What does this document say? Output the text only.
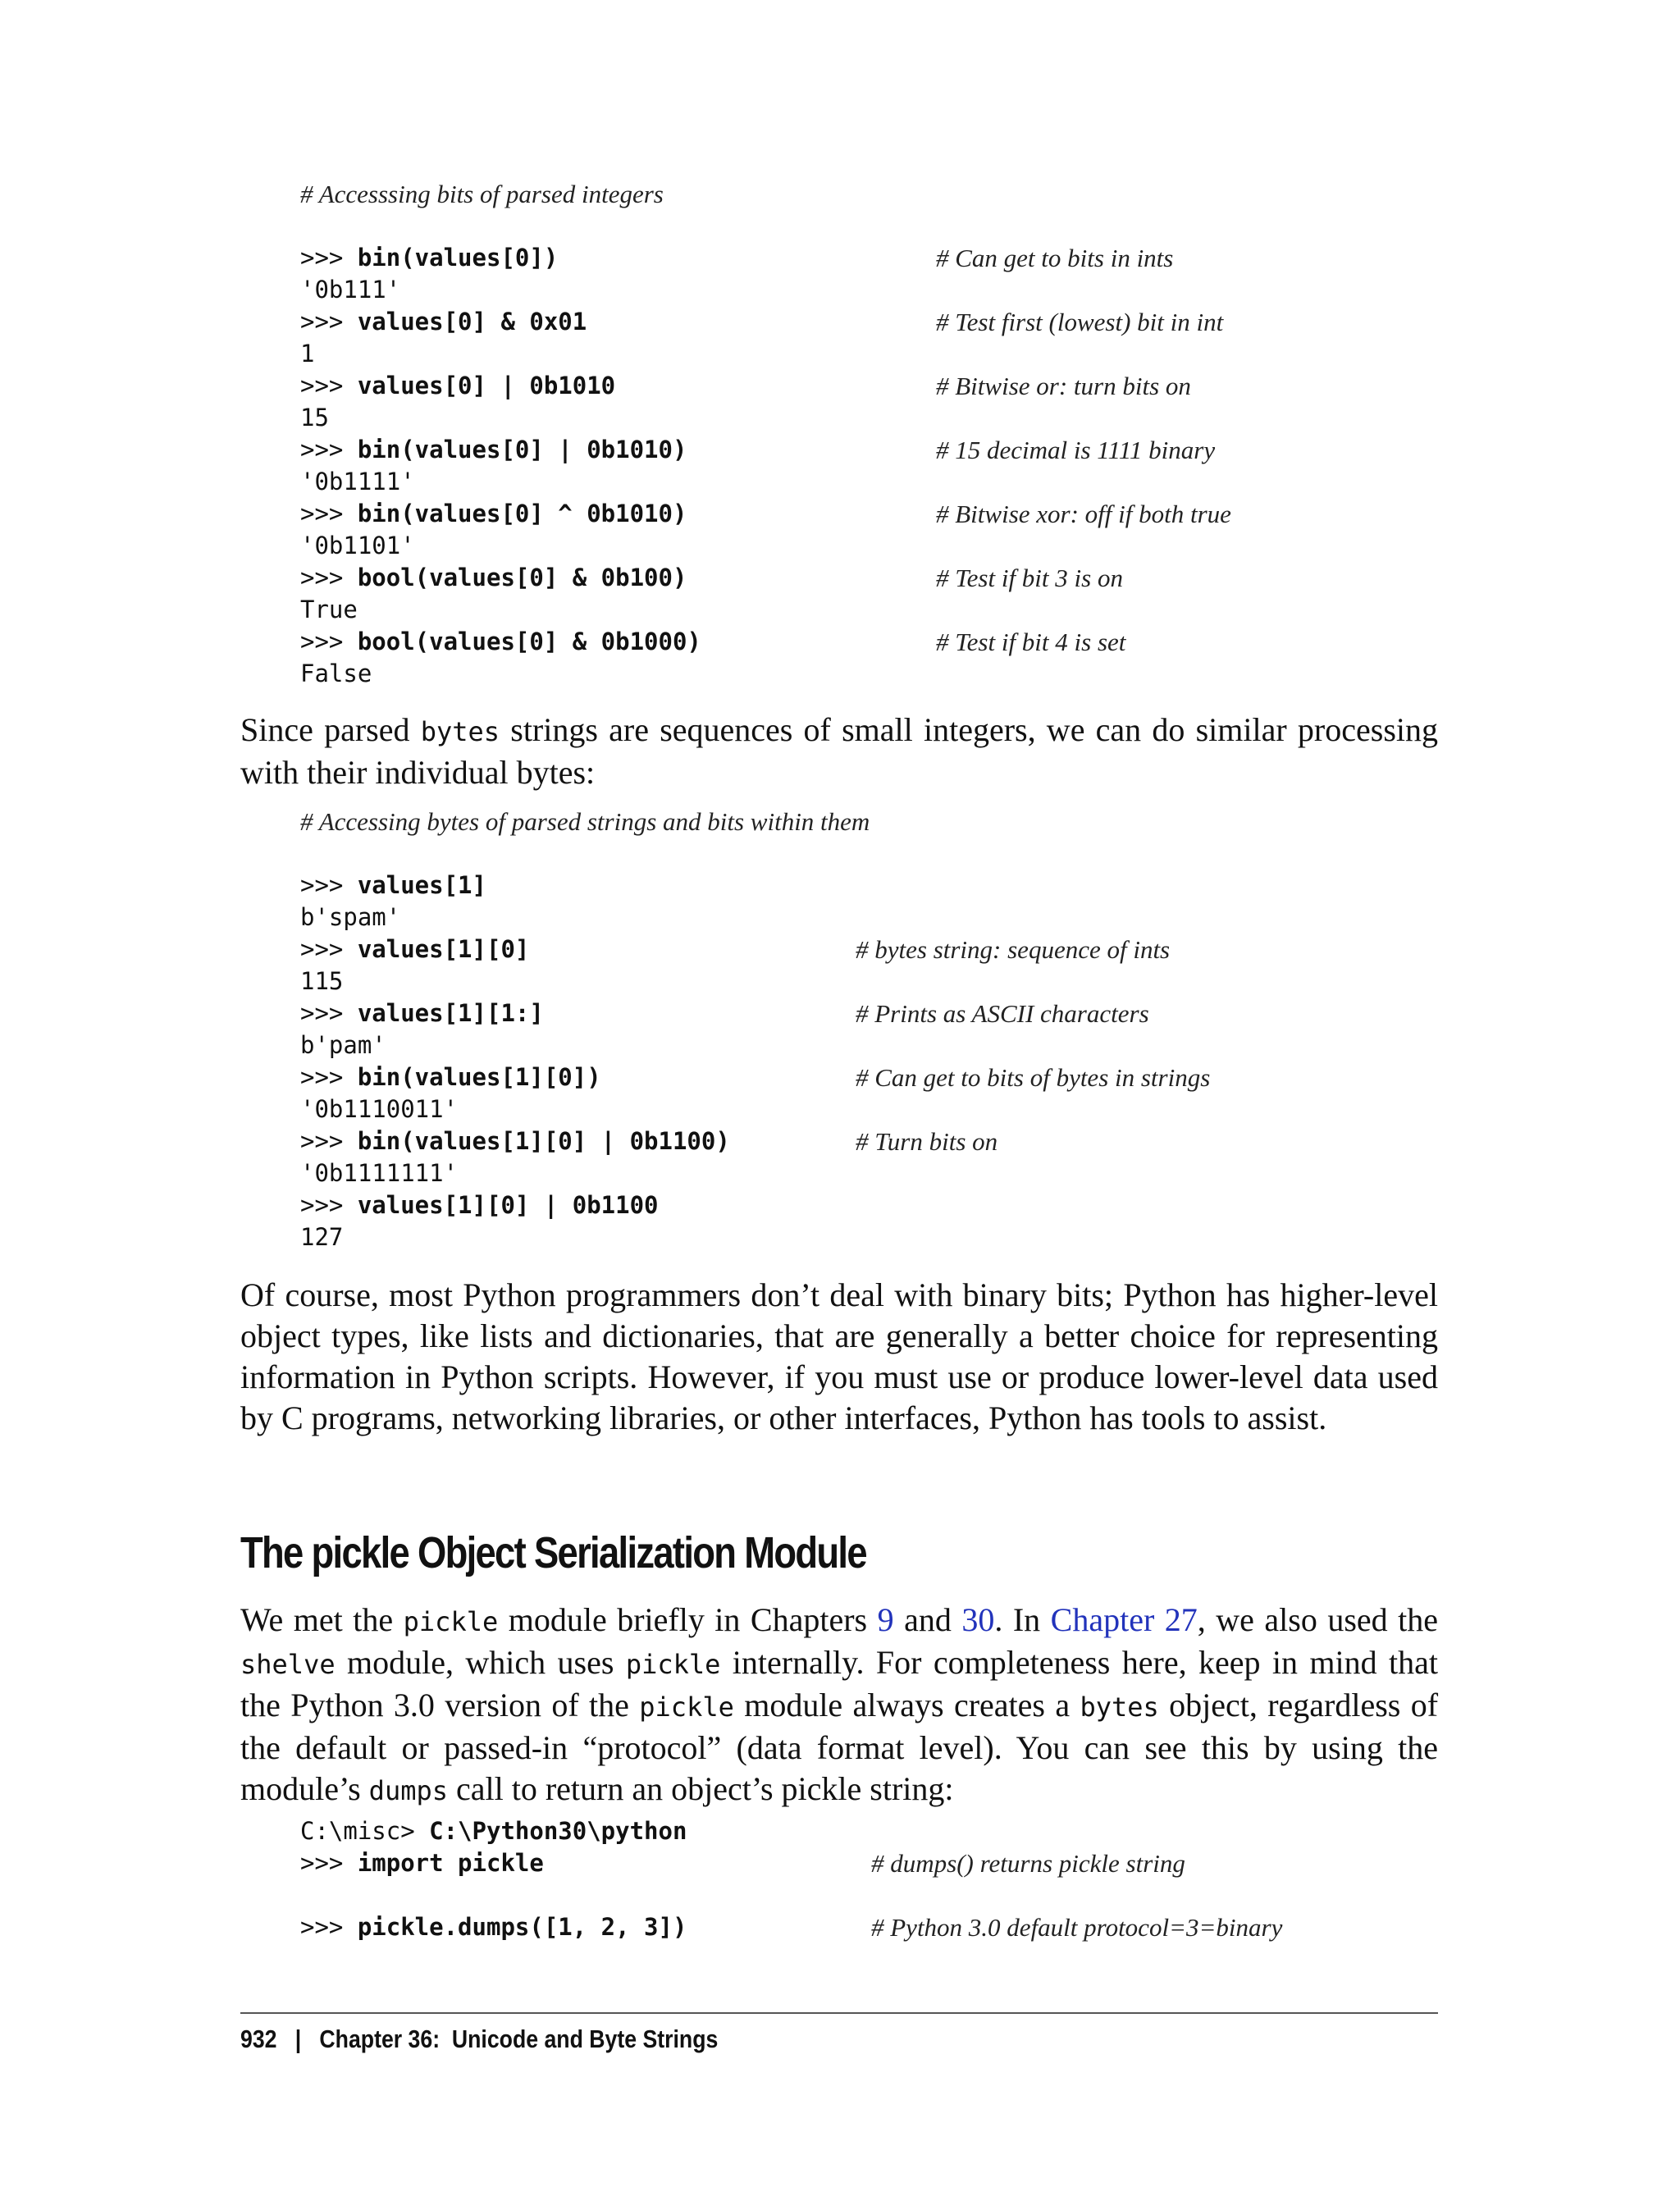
# Accesssing bits of parsed integers
>>> bin(values[0])	# Can get to bits in ints
'0b111'
>>> values[0] & 0x01	# Test first (lowest) bit in int
1
>>> values[0] | 0b1010	# Bitwise or: turn bits on
15
>>> bin(values[0] | 0b1010)	# 15 decimal is 1111 binary
'0b1111'
>>> bin(values[0] ^ 0b1010)	# Bitwise xor: off if both true
'0b1101'
>>> bool(values[0] & 0b100)	# Test if bit 3 is on
True
>>> bool(values[0] & 0b1000)	# Test if bit 4 is set
False

Since parsed bytes strings are sequences of small integers, we can do similar processing with their individual bytes:

# Accessing bytes of parsed strings and bits within them
>>> values[1]
b'spam'
>>> values[1][0]	# bytes string: sequence of ints
115
>>> values[1][1:]	# Prints as ASCII characters
b'pam'
>>> bin(values[1][0])	# Can get to bits of bytes in strings
'0b1110011'
>>> bin(values[1][0] | 0b1100)	# Turn bits on
'0b1111111'
>>> values[1][0] | 0b1100
127

Of course, most Python programmers don’t deal with binary bits; Python has higher-level object types, like lists and dictionaries, that are generally a better choice for representing information in Python scripts. However, if you must use or produce lower-level data used by C programs, networking libraries, or other interfaces, Python has tools to assist.

The pickle Object Serialization Module

We met the pickle module briefly in Chapters 9 and 30. In Chapter 27, we also used the shelve module, which uses pickle internally. For completeness here, keep in mind that the Python 3.0 version of the pickle module always creates a bytes object, regardless of the default or passed-in “protocol” (data format level). You can see this by using the module’s dumps call to return an object’s pickle string:

C:\misc> C:\Python30\python
>>> import pickle	# dumps() returns pickle string
>>> pickle.dumps([1, 2, 3])	# Python 3.0 default protocol=3=binary
932 | Chapter 36:  Unicode and Byte Strings
